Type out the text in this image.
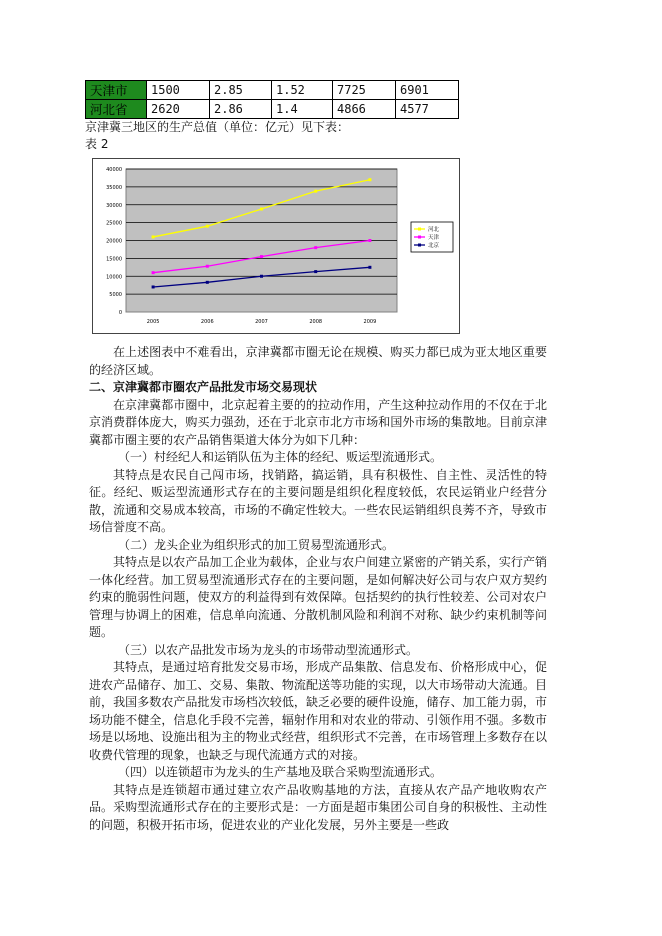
天津市	1500	2.85	1.52	7725	6901
河北省	2620	2.86	1.4	4866	4577
京津冀三地区的生产总值（单位：亿元）见下表：
表 2
0
5000
10000
15000
20000
25000
30000
35000
40000
2005	2006	2007	2008	2009
河北
天津
北京

在上述图表中不难看出，京津冀都市圈无论在规模、购买力都已成为亚太地区重要的经济区域。

二、京津冀都市圈农产品批发市场交易现状

在京津冀都市圈中，北京起着主要的的拉动作用，产生这种拉动作用的不仅在于北京消费群体庞大，购买力强劲，还在于北京市北方市场和国外市场的集散地。目前京津冀都市圈主要的农产品销售渠道大体分为如下几种：

（一）村经纪人和运销队伍为主体的经纪、贩运型流通形式。

其特点是农民自己闯市场，找销路，搞运销，具有积极性、自主性、灵活性的特征。经纪、贩运型流通形式存在的主要问题是组织化程度较低，农民运销业户经营分散，流通和交易成本较高，市场的不确定性较大。一些农民运销组织良莠不齐，导致市场信誉度不高。

（二）龙头企业为组织形式的加工贸易型流通形式。

其特点是以农产品加工企业为载体，企业与农户间建立紧密的产销关系，实行产销一体化经营。加工贸易型流通形式存在的主要问题，是如何解决好公司与农户双方契约约束的脆弱性问题，使双方的利益得到有效保障。包括契约的执行性较差、公司对农户管理与协调上的困难，信息单向流通、分散机制风险和利润不对称、缺少约束机制等问题。

（三）以农产品批发市场为龙头的市场带动型流通形式。

其特点，是通过培育批发交易市场，形成产品集散、信息发布、价格形成中心，促进农产品储存、加工、交易、集散、物流配送等功能的实现，以大市场带动大流通。目前，我国多数农产品批发市场档次较低，缺乏必要的硬件设施，储存、加工能力弱，市场功能不健全，信息化手段不完善，辐射作用和对农业的带动、引领作用不强。多数市场是以场地、设施出租为主的物业式经营，组织形式不完善，在市场管理上多数存在以收费代管理的现象，也缺乏与现代流通方式的对接。

（四）以连锁超市为龙头的生产基地及联合采购型流通形式。

其特点是连锁超市通过建立农产品收购基地的方法，直接从农产品产地收购农产品。采购型流通形式存在的主要形式是：一方面是超市集团公司自身的积极性、主动性的问题，积极开拓市场，促进农业的产业化发展，另外主要是一些政
